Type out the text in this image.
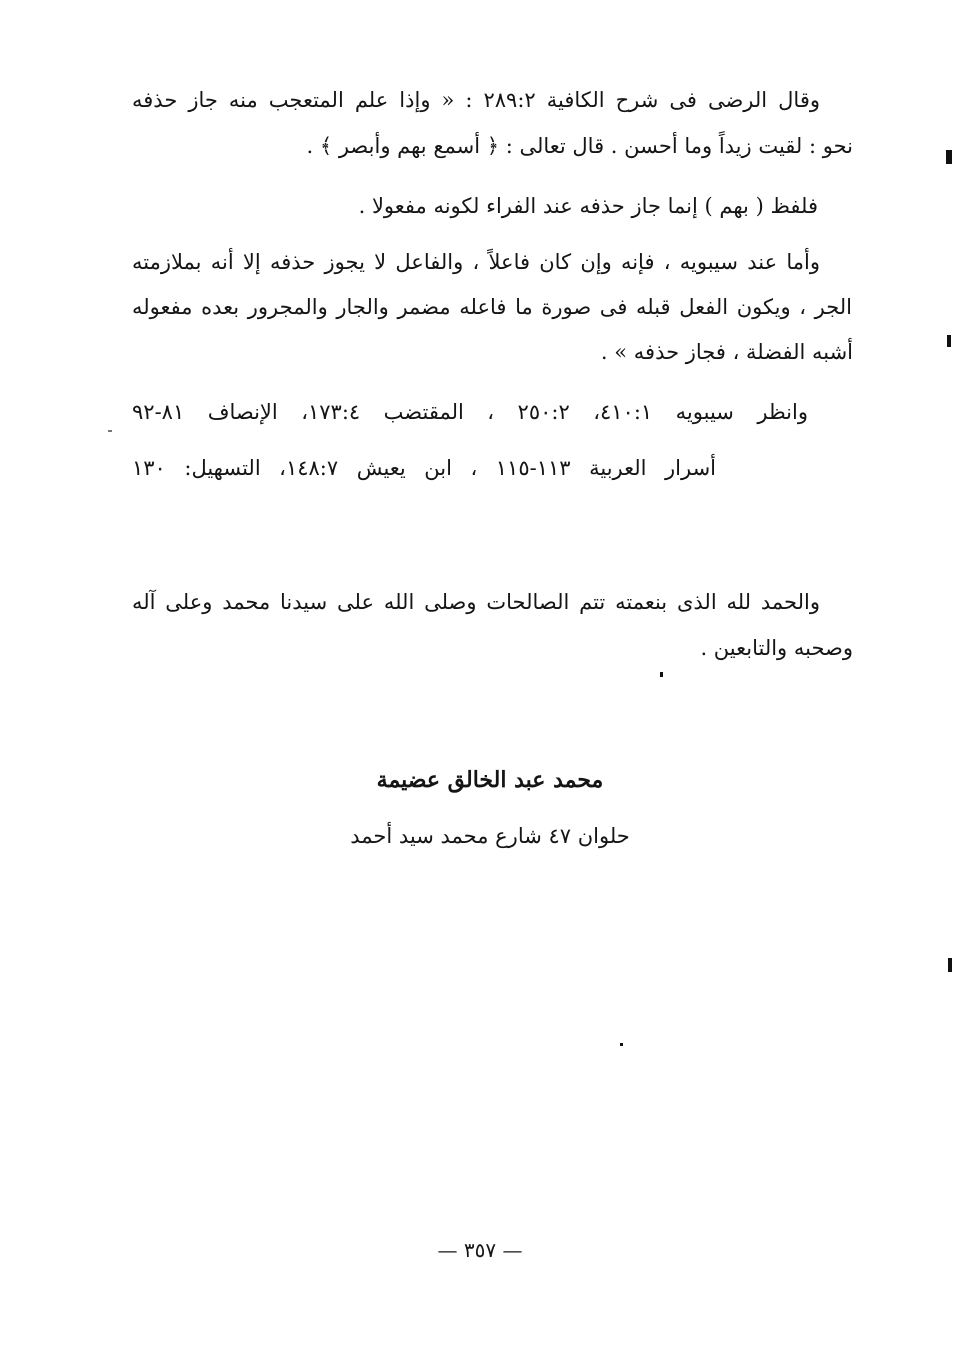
وقال الرضى فى شرح الكافية ٢٨٩:٢ : « وإذا علم المتعجب منه جاز حذفه
نحو : لقيت زيداً وما أحسن . قال تعالى : ﴿ أسمع بهم وأبصر ﴾ .
فلفظ ( بهم ) إنما جاز حذفه عند الفراء لكونه مفعولا .
وأما عند سيبويه ، فإنه وإن كان فاعلاً ، والفاعل لا يجوز حذفه إلا أنه بملازمته
الجر ، ويكون الفعل قبله فى صورة ما فاعله مضمر والجار والمجرور بعده مفعوله
أشبه الفضلة ، فجاز حذفه » .
وانظر سيبويه ٤١٠:١، ٢٥٠:٢ ، المقتضب ١٧٣:٤، الإنصاف ٨١-٩٢
أسرار العربية ١١٣-١١٥ ، ابن يعيش ١٤٨:٧، التسهيل: ١٣٠
والحمد لله الذى بنعمته تتم الصالحات وصلى الله على سيدنا محمد وعلى آله
وصحبه والتابعين .
محمد عبد الخالق عضيمة
حلوان ٤٧ شارع محمد سيد أحمد
— ٣٥٧ —
